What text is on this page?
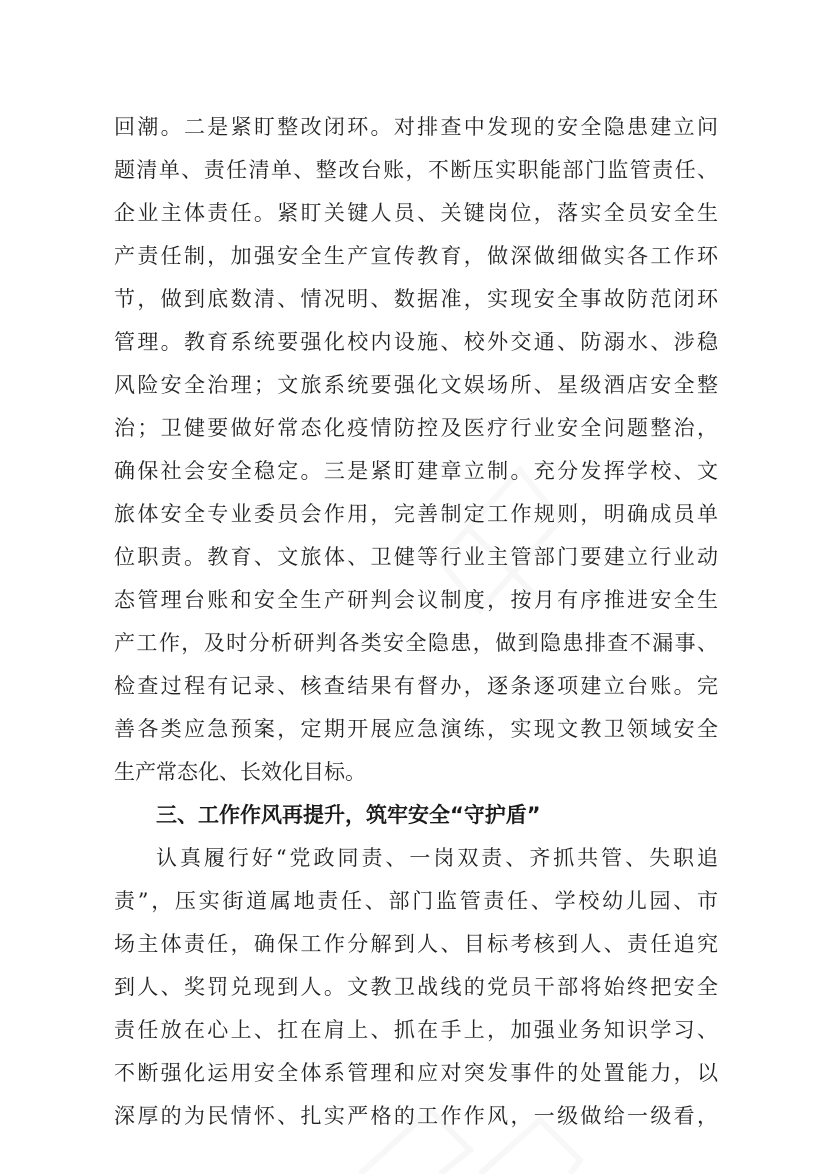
回潮。二是紧盯整改闭环。对排查中发现的安全隐患建立问
题清单、责任清单、整改台账，不断压实职能部门监管责任、
企业主体责任。紧盯关键人员、关键岗位，落实全员安全生
产责任制，加强安全生产宣传教育，做深做细做实各工作环
节，做到底数清、情况明、数据准，实现安全事故防范闭环
管理。教育系统要强化校内设施、校外交通、防溺水、涉稳
风险安全治理；文旅系统要强化文娱场所、星级酒店安全整
治；卫健要做好常态化疫情防控及医疗行业安全问题整治，
确保社会安全稳定。三是紧盯建章立制。充分发挥学校、文
旅体安全专业委员会作用，完善制定工作规则，明确成员单
位职责。教育、文旅体、卫健等行业主管部门要建立行业动
态管理台账和安全生产研判会议制度，按月有序推进安全生
产工作，及时分析研判各类安全隐患，做到隐患排查不漏事、
检查过程有记录、核查结果有督办，逐条逐项建立台账。完
善各类应急预案，定期开展应急演练，实现文教卫领域安全
生产常态化、长效化目标。
三、工作作风再提升，筑牢安全“守护盾”
认真履行好“党政同责、一岗双责、齐抓共管、失职追
责”，压实街道属地责任、部门监管责任、学校幼儿园、市
场主体责任，确保工作分解到人、目标考核到人、责任追究
到人、奖罚兑现到人。文教卫战线的党员干部将始终把安全
责任放在心上、扛在肩上、抓在手上，加强业务知识学习、
不断强化运用安全体系管理和应对突发事件的处置能力，以
深厚的为民情怀、扎实严格的工作作风，一级做给一级看，
